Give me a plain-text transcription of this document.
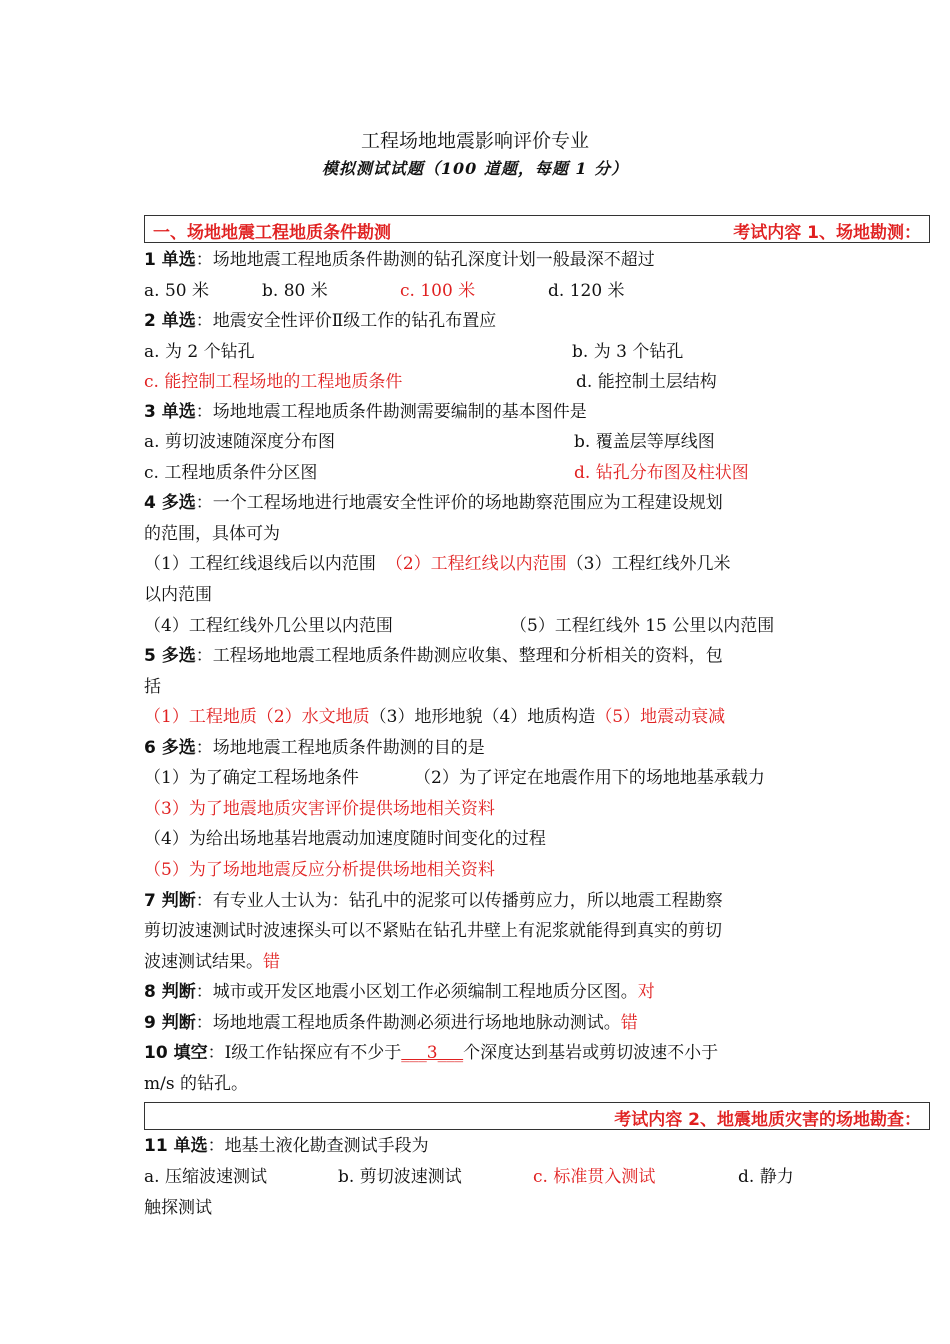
工程场地地震影响评价专业
模拟测试试题（100 道题，每题 1 分）
一、场地地震工程地质条件勘测	考试内容 1、场地勘测：
1 单选：场地地震工程地质条件勘测的钻孔深度计划一般最深不超过
a. 50 米	b. 80 米	c. 100 米	d. 120 米
2 单选：地震安全性评价Ⅱ级工作的钻孔布置应
a. 为 2 个钻孔	b. 为 3 个钻孔
c. 能控制工程场地的工程地质条件	d. 能控制土层结构
3 单选：场地地震工程地质条件勘测需要编制的基本图件是
a. 剪切波速随深度分布图	b. 覆盖层等厚线图
c. 工程地质条件分区图	d. 钻孔分布图及柱状图
4 多选：一个工程场地进行地震安全性评价的场地勘察范围应为工程建设规划
的范围，具体可为
（1）工程红线退线后以内范围 （2）工程红线以内范围（3）工程红线外几米
以内范围
（4）工程红线外几公里以内范围	（5）工程红线外 15 公里以内范围
5 多选：工程场地地震工程地质条件勘测应收集、整理和分析相关的资料，包
括
（1）工程地质（2）水文地质（3）地形地貌（4）地质构造（5）地震动衰减
6 多选：场地地震工程地质条件勘测的目的是
（1）为了确定工程场地条件	（2）为了评定在地震作用下的场地地基承载力
（3）为了地震地质灾害评价提供场地相关资料
（4）为给出场地基岩地震动加速度随时间变化的过程
（5）为了场地地震反应分析提供场地相关资料
7 判断：有专业人士认为：钻孔中的泥浆可以传播剪应力，所以地震工程勘察
剪切波速测试时波速探头可以不紧贴在钻孔井壁上有泥浆就能得到真实的剪切
波速测试结果。错
8 判断：城市或开发区地震小区划工作必须编制工程地质分区图。对
9 判断：场地地震工程地质条件勘测必须进行场地地脉动测试。错
10 填空：Ⅰ级工作钻探应有不少于___3___个深度达到基岩或剪切波速不小于
m/s 的钻孔。
考试内容 2、地震地质灾害的场地勘查：
11 单选：地基土液化勘查测试手段为
a. 压缩波速测试	b. 剪切波速测试	c. 标准贯入测试	d. 静力
触探测试
